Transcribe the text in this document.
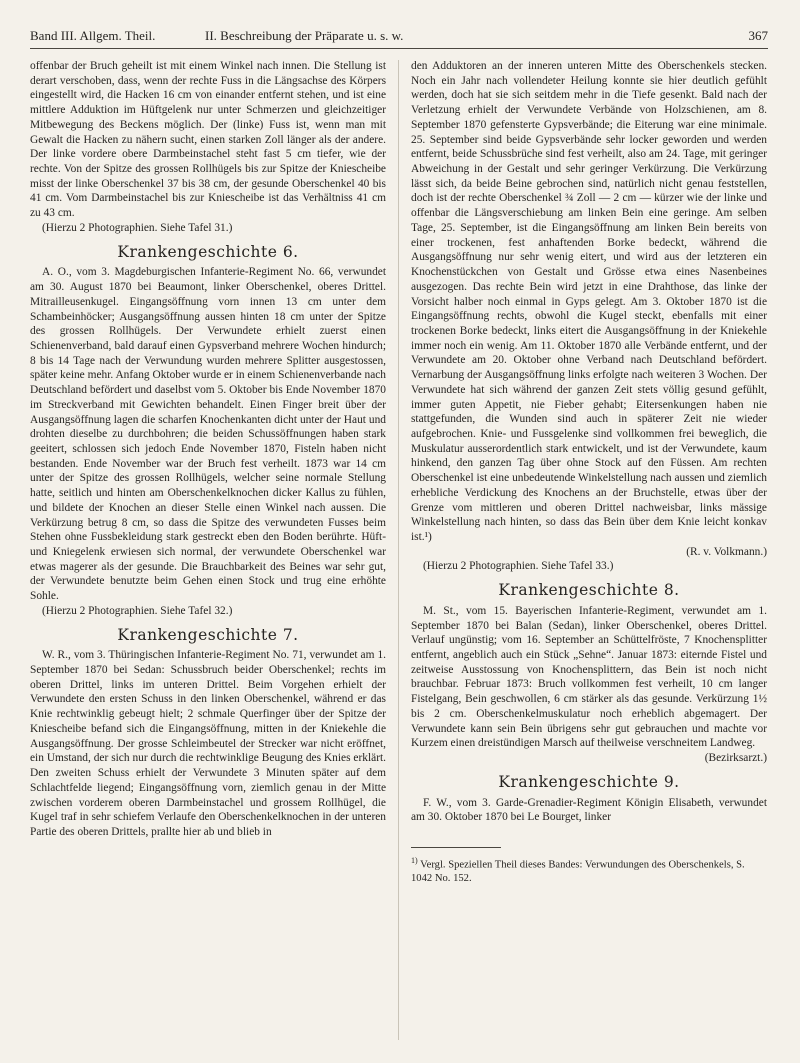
Band III. Allgem. Theil.	II. Beschreibung der Präparate u. s. w.	367

offenbar der Bruch geheilt ist mit einem Winkel nach innen. Die Stellung ist derart verschoben, dass, wenn der rechte Fuss in die Längsachse des Körpers eingestellt wird, die Hacken 16 cm von einander entfernt stehen, und ist eine mittlere Adduktion im Hüftgelenk nur unter Schmerzen und gleichzeitiger Mitbewegung des Beckens möglich. Der (linke) Fuss ist, wenn man mit Gewalt die Hacken zu nähern sucht, einen starken Zoll länger als der andere. Der linke vordere obere Darmbeinstachel steht fast 5 cm tiefer, wie der rechte. Von der Spitze des grossen Rollhügels bis zur Spitze der Kniescheibe misst der linke Oberschenkel 37 bis 38 cm, der gesunde Oberschenkel 40 bis 41 cm. Vom Darmbeinstachel bis zur Kniescheibe ist das Verhältniss 41 cm zu 43 cm.

(Hierzu 2 Photographien. Siehe Tafel 31.)

Krankengeschichte 6.

A. O., vom 3. Magdeburgischen Infanterie-Regiment No. 66, verwundet am 30. August 1870 bei Beaumont, linker Oberschenkel, oberes Drittel. Mitrailleusenkugel. Eingangsöffnung vorn innen 13 cm unter dem Schambeinhöcker; Ausgangsöffnung aussen hinten 18 cm unter der Spitze des grossen Rollhügels. Der Verwundete erhielt zuerst einen Schienenverband, bald darauf einen Gypsverband mehrere Wochen hindurch; 8 bis 14 Tage nach der Verwundung wurden mehrere Splitter ausgestossen, später keine mehr. Anfang Oktober wurde er in einem Schienenverbande nach Deutschland befördert und daselbst vom 5. Oktober bis Ende November 1870 im Streckverband mit Gewichten behandelt. Einen Finger breit über der Ausgangsöffnung lagen die scharfen Knochenkanten dicht unter der Haut und drohten dieselbe zu durchbohren; die beiden Schussöffnungen haben stark geeitert, schlossen sich jedoch Ende November 1870, Fisteln haben nicht bestanden. Ende November war der Bruch fest verheilt. 1873 war 14 cm unter der Spitze des grossen Rollhügels, welcher seine normale Stellung hatte, seitlich und hinten am Oberschenkelknochen dicker Kallus zu fühlen, und bildete der Knochen an dieser Stelle einen Winkel nach aussen. Die Verkürzung betrug 8 cm, so dass die Spitze des verwundeten Fusses beim Stehen ohne Fussbekleidung stark gestreckt eben den Boden berührte. Hüft- und Kniegelenk erwiesen sich normal, der verwundete Oberschenkel war etwas magerer als der gesunde. Die Brauchbarkeit des Beines war sehr gut, der Verwundete benutzte beim Gehen einen Stock und trug eine erhöhte Sohle.

(Hierzu 2 Photographien. Siehe Tafel 32.)

Krankengeschichte 7.

W. R., vom 3. Thüringischen Infanterie-Regiment No. 71, verwundet am 1. September 1870 bei Sedan: Schussbruch beider Oberschenkel; rechts im oberen Drittel, links im unteren Drittel. Beim Vorgehen erhielt der Verwundete den ersten Schuss in den linken Oberschenkel, während er das Knie rechtwinklig gebeugt hielt; 2 schmale Querfinger über der Spitze der Kniescheibe befand sich die Eingangsöffnung, mitten in der Kniekehle die Ausgangsöffnung. Der grosse Schleimbeutel der Strecker war nicht eröffnet, ein Umstand, der sich nur durch die rechtwinklige Beugung des Knies erklärt. Den zweiten Schuss erhielt der Verwundete 3 Minuten später auf dem Schlachtfelde liegend; Eingangsöffnung vorn, ziemlich genau in der Mitte zwischen vorderem oberen Darmbeinstachel und grossem Rollhügel, die Kugel traf in sehr schiefem Verlaufe den Oberschenkelknochen in der unteren Partie des oberen Drittels, prallte hier ab und blieb in

den Adduktoren an der inneren unteren Mitte des Oberschenkels stecken. Noch ein Jahr nach vollendeter Heilung konnte sie hier deutlich gefühlt werden, doch hat sie sich seitdem mehr in die Tiefe gesenkt. Bald nach der Verletzung erhielt der Verwundete Verbände von Holzschienen, am 8. September 1870 gefensterte Gypsverbände; die Eiterung war eine minimale. 25. September sind beide Gypsverbände sehr locker geworden und werden entfernt, beide Schussbrüche sind fest verheilt, also am 24. Tage, mit geringer Abweichung in der Gestalt und sehr geringer Verkürzung. Die Verkürzung lässt sich, da beide Beine gebrochen sind, natürlich nicht genau feststellen, doch ist der rechte Oberschenkel ¾ Zoll — 2 cm — kürzer wie der linke und offenbar die Längsverschiebung am linken Bein eine geringe. Am selben Tage, 25. September, ist die Eingangsöffnung am linken Bein bereits von einer trockenen, fest anhaftenden Borke bedeckt, während die Ausgangsöffnung nur sehr wenig eitert, und wird aus der letzteren ein Knochenstückchen von Gestalt und Grösse etwa eines Nasenbeines ausgezogen. Das rechte Bein wird jetzt in eine Drahthose, das linke der Vorsicht halber noch einmal in Gyps gelegt. Am 3. Oktober 1870 ist die Eingangsöffnung rechts, obwohl die Kugel steckt, ebenfalls mit einer trockenen Borke bedeckt, links eitert die Ausgangsöffnung in der Kniekehle immer noch ein wenig. Am 11. Oktober 1870 alle Verbände entfernt, und der Verwundete am 20. Oktober ohne Verband nach Deutschland befördert. Vernarbung der Ausgangsöffnung links erfolgte nach weiteren 3 Wochen. Der Verwundete hat sich während der ganzen Zeit stets völlig gesund gefühlt, immer guten Appetit, nie Fieber gehabt; Eitersenkungen haben nie stattgefunden, die Wunden sind auch in späterer Zeit nie wieder aufgebrochen. Knie- und Fussgelenke sind vollkommen frei beweglich, die Muskulatur ausserordentlich stark entwickelt, und ist der Verwundete, kaum hinkend, den ganzen Tag über ohne Stock auf den Füssen. Am rechten Oberschenkel ist eine unbedeutende Winkelstellung nach aussen und ziemlich erhebliche Verdickung des Knochens an der Bruchstelle, etwas über der Grenze vom mittleren und oberen Drittel nachweisbar, links mässige Winkelstellung nach hinten, so dass das Bein über dem Knie leicht konkav ist.¹)

(R. v. Volkmann.)

(Hierzu 2 Photographien. Siehe Tafel 33.)

Krankengeschichte 8.

M. St., vom 15. Bayerischen Infanterie-Regiment, verwundet am 1. September 1870 bei Balan (Sedan), linker Oberschenkel, oberes Drittel. Verlauf ungünstig; vom 16. September an Schüttelfröste, 7 Knochensplitter entfernt, angeblich auch ein Stück „Sehne“. Januar 1873: eiternde Fistel und zeitweise Ausstossung von Knochensplittern, das Bein ist noch nicht brauchbar. Februar 1873: Bruch vollkommen fest verheilt, 10 cm langer Fistelgang, Bein geschwollen, 6 cm stärker als das gesunde. Verkürzung 1½ bis 2 cm. Oberschenkelmuskulatur noch erheblich abgemagert. Der Verwundete kann sein Bein übrigens sehr gut gebrauchen und machte vor Kurzem einen dreistündigen Marsch auf theilweise verschneitem Landweg.

(Bezirksarzt.)

Krankengeschichte 9.

F. W., vom 3. Garde-Grenadier-Regiment Königin Elisabeth, verwundet am 30. Oktober 1870 bei Le Bourget, linker

$^{1)}$ Vergl. Speziellen Theil dieses Bandes: Verwundungen des Oberschenkels, S. 1042 No. 152.
